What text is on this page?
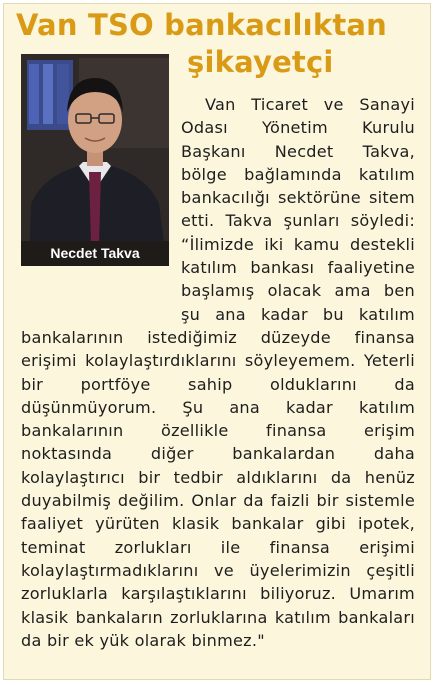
Van TSO bankacılıktan
şikayetçi
Necdet Takva

Van Ticaret ve Sanayi Odası Yönetim Kurulu Başkanı Necdet Takva, bölge bağlamında katılım bankacılığı sektörüne sitem etti. Takva şunları söyledi: “İlimizde iki kamu destekli katılım bankası faaliyetine başlamış olacak ama ben şu ana kadar bu katılım bankalarının istediğimiz düzeyde finansa erişimi kolaylaştırdıklarını söyleyemem. Yeterli bir portföye sahip olduklarını da düşünmüyorum. Şu ana kadar katılım bankalarının özellikle finansa erişim noktasında diğer bankalardan daha kolaylaştırıcı bir tedbir aldıklarını da henüz duyabilmiş değilim. Onlar da faizli bir sistemle faaliyet yürüten klasik bankalar gibi ipotek, teminat zorlukları ile finansa erişimi kolaylaştırmadıklarını ve üyelerimizin çeşitli zorluklarla karşılaştıklarını biliyoruz. Umarım klasik bankaların zorluklarına katılım bankaları da bir ek yük olarak binmez."
